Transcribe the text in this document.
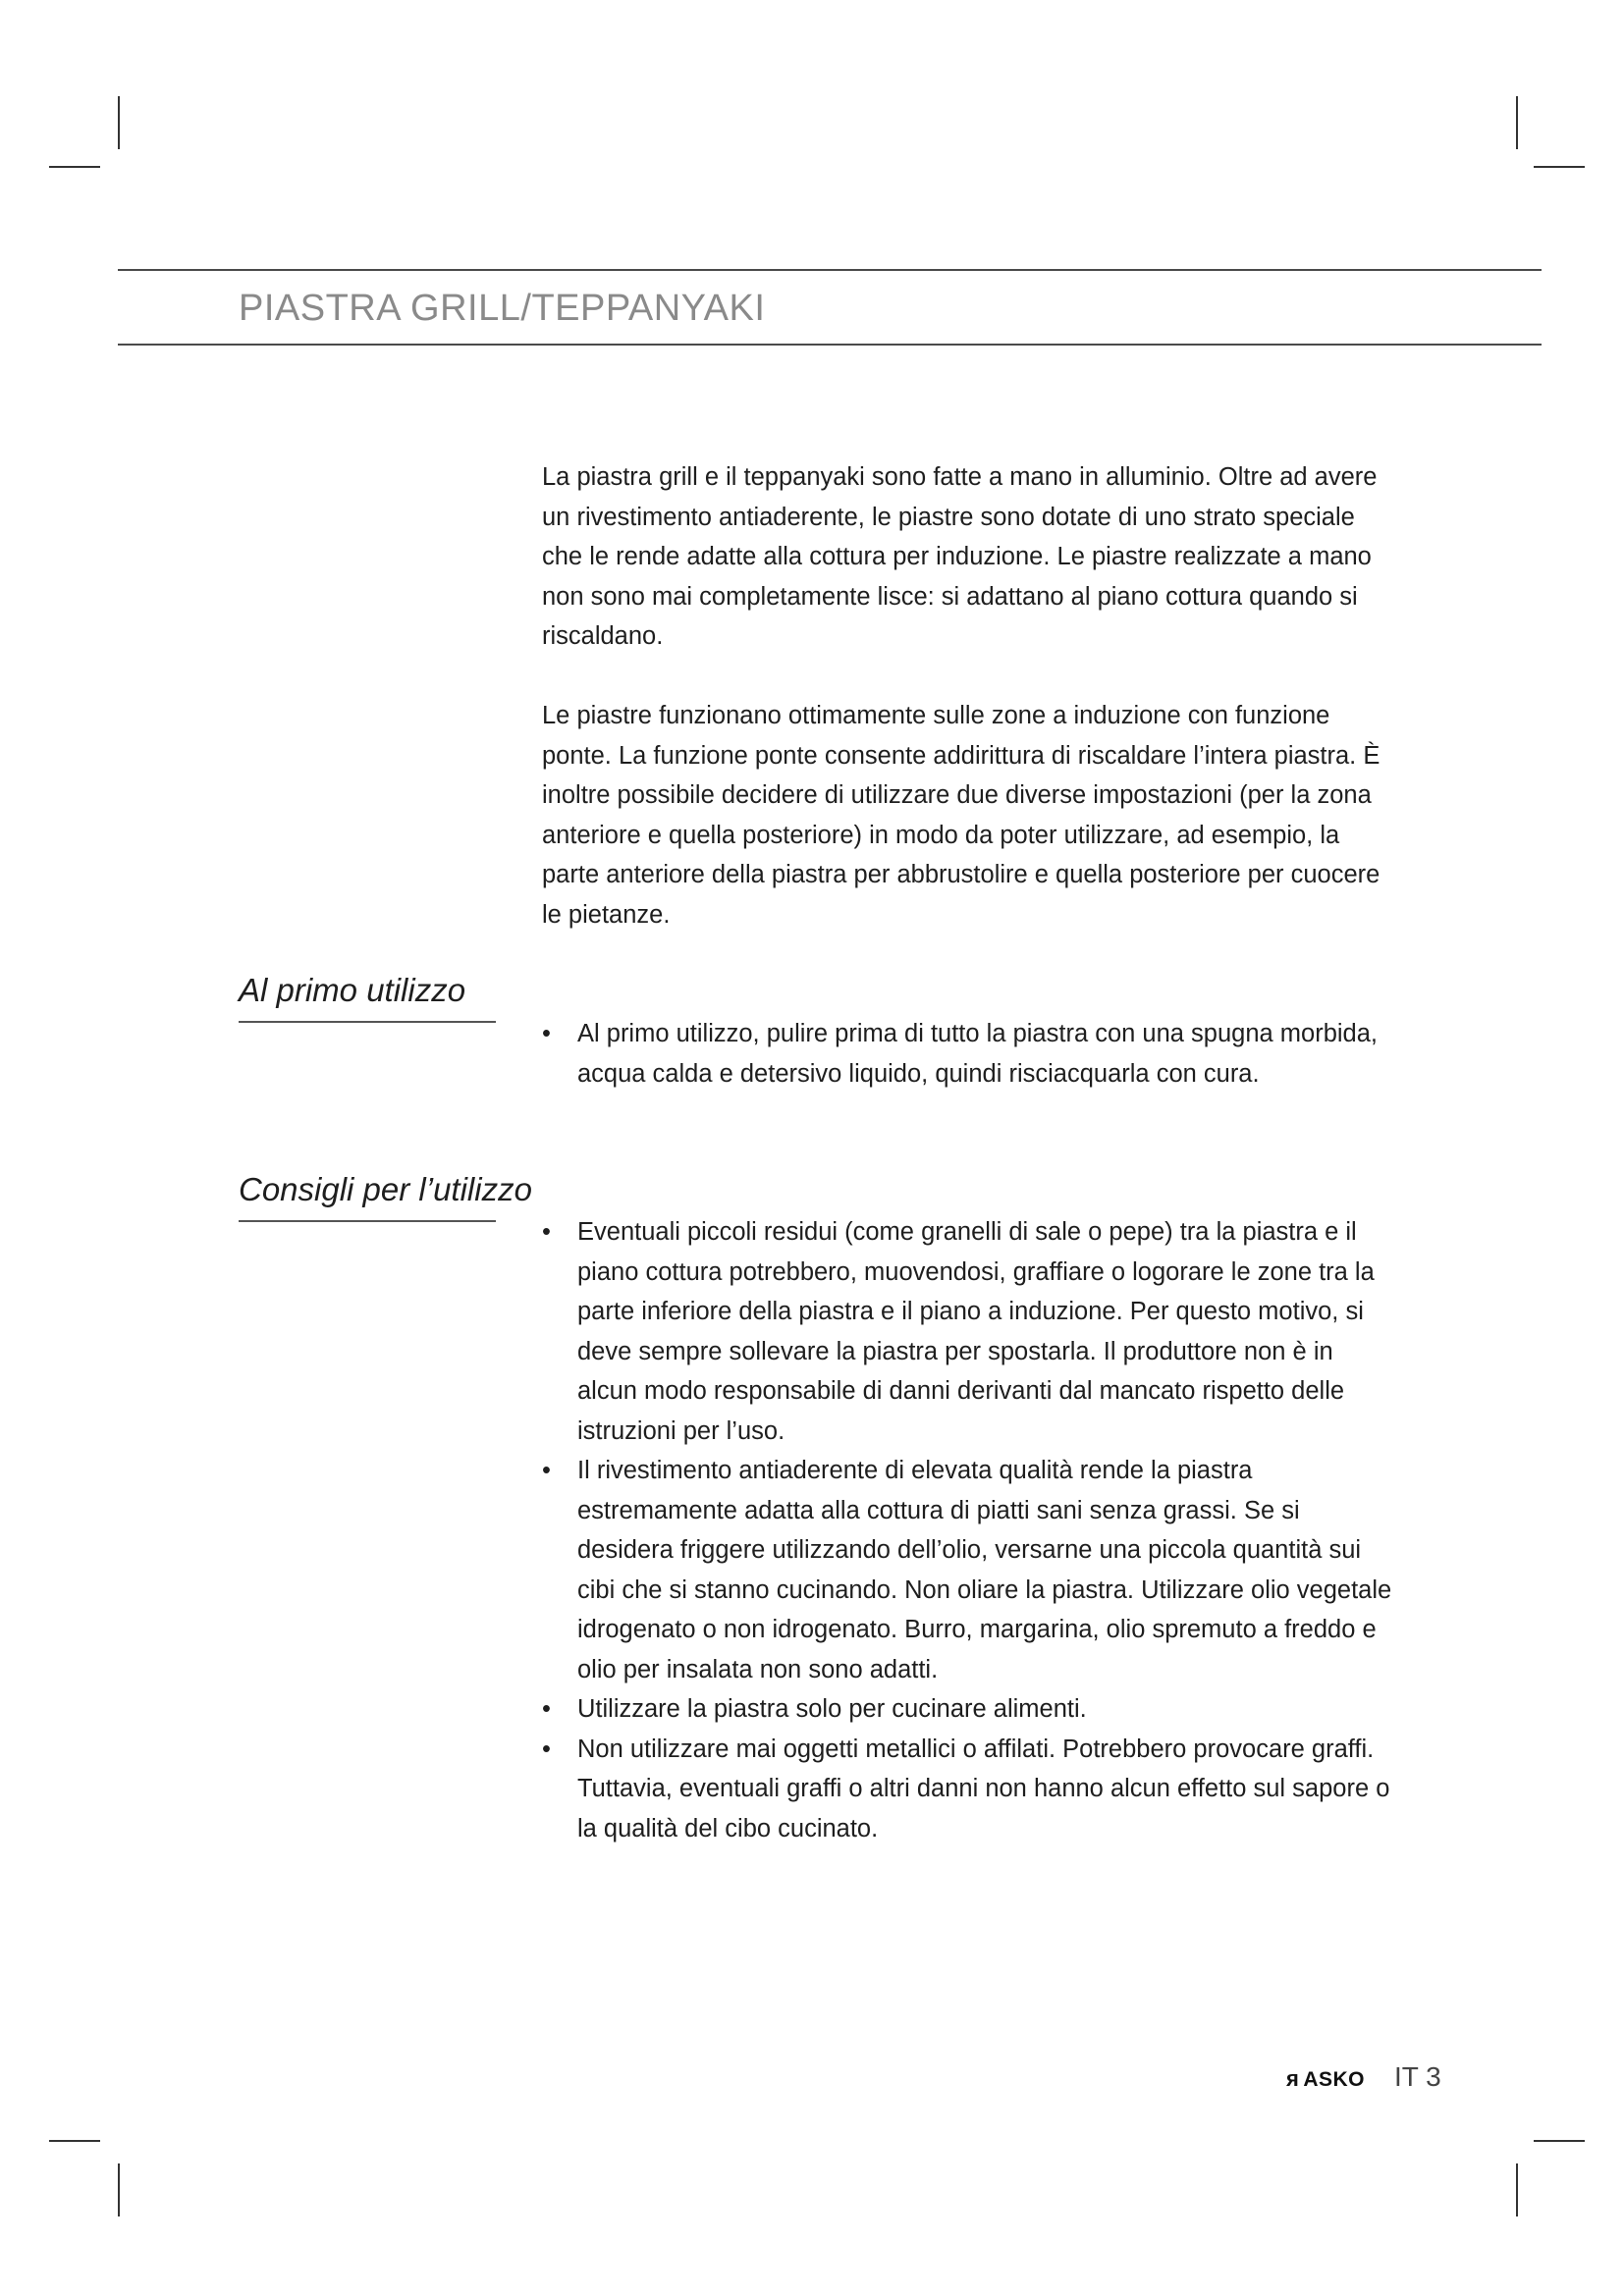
PIASTRA GRILL/TEPPANYAKI

La piastra grill e il teppanyaki sono fatte a mano in alluminio. Oltre ad avere un rivestimento antiaderente, le piastre sono dotate di uno strato speciale che le rende adatte alla cottura per induzione. Le piastre realizzate a mano non sono mai completamente lisce: si adattano al piano cottura quando si riscaldano.

Le piastre funzionano ottimamente sulle zone a induzione con funzione ponte. La funzione ponte consente addirittura di riscaldare l’intera piastra. È inoltre possibile decidere di utilizzare due diverse impostazioni (per la zona anteriore e quella posteriore) in modo da poter utilizzare, ad esempio, la parte anteriore della piastra per abbrustolire e quella posteriore per cuocere le pietanze.

Al primo utilizzo
•	Al primo utilizzo, pulire prima di tutto la piastra con una spugna morbida, acqua calda e detersivo liquido, quindi risciacquarla con cura.
Consigli per l’utilizzo
•	Eventuali piccoli residui (come granelli di sale o pepe) tra la piastra e il piano cottura potrebbero, muovendosi, graffiare o logorare le zone tra la parte inferiore della piastra e il piano a induzione. Per questo motivo, si deve sempre sollevare la piastra per spostarla. Il produttore non è in alcun modo responsabile di danni derivanti dal mancato rispetto delle istruzioni per l’uso.
•	Il rivestimento antiaderente di elevata qualità rende la piastra estremamente adatta alla cottura di piatti sani senza grassi. Se si desidera friggere utilizzando dell’olio, versarne una piccola quantità sui cibi che si stanno cucinando. Non oliare la piastra. Utilizzare olio vegetale idrogenato o non idrogenato. Burro, margarina, olio spremuto a freddo e olio per insalata non sono adatti.
•	Utilizzare la piastra solo per cucinare alimenti.
•	Non utilizzare mai oggetti metallici o affilati. Potrebbero provocare graffi. Tuttavia, eventuali graffi o altri danni non hanno alcun effetto sul sapore o la qualità del cibo cucinato.
ᴙ ASKO IT 3
